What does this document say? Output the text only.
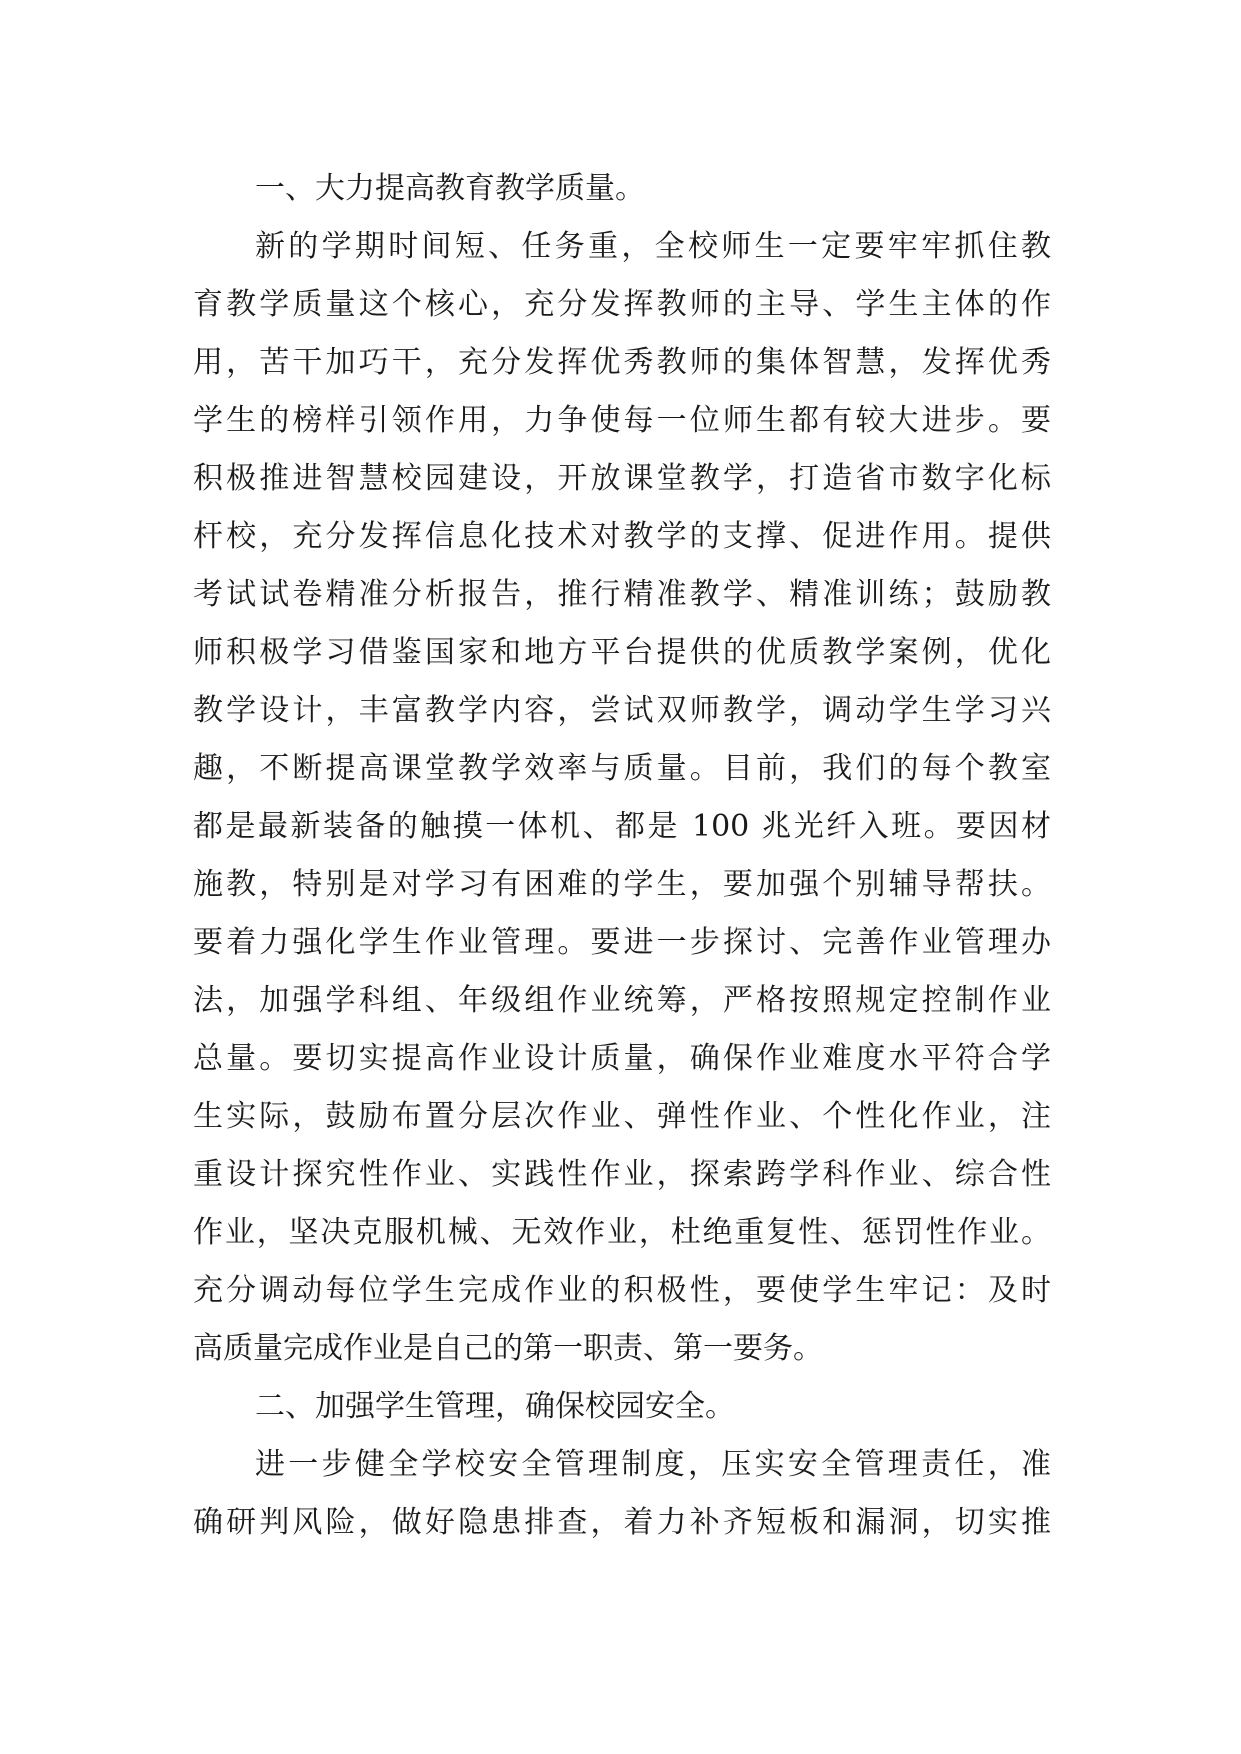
一、大力提高教育教学质量。
新的学期时间短、任务重，全校师生一定要牢牢抓住教
育教学质量这个核心，充分发挥教师的主导、学生主体的作
用，苦干加巧干，充分发挥优秀教师的集体智慧，发挥优秀
学生的榜样引领作用，力争使每一位师生都有较大进步。要
积极推进智慧校园建设，开放课堂教学，打造省市数字化标
杆校，充分发挥信息化技术对教学的支撑、促进作用。提供
考试试卷精准分析报告，推行精准教学、精准训练；鼓励教
师积极学习借鉴国家和地方平台提供的优质教学案例，优化
教学设计，丰富教学内容，尝试双师教学，调动学生学习兴
趣，不断提高课堂教学效率与质量。目前，我们的每个教室
都是最新装备的触摸一体机、都是 100 兆光纤入班。要因材
施教，特别是对学习有困难的学生，要加强个别辅导帮扶。
要着力强化学生作业管理。要进一步探讨、完善作业管理办
法，加强学科组、年级组作业统筹，严格按照规定控制作业
总量。要切实提高作业设计质量，确保作业难度水平符合学
生实际，鼓励布置分层次作业、弹性作业、个性化作业，注
重设计探究性作业、实践性作业，探索跨学科作业、综合性
作业，坚决克服机械、无效作业，杜绝重复性、惩罚性作业。
充分调动每位学生完成作业的积极性，要使学生牢记：及时
高质量完成作业是自己的第一职责、第一要务。
二、加强学生管理，确保校园安全。
进一步健全学校安全管理制度，压实安全管理责任，准
确研判风险，做好隐患排查，着力补齐短板和漏洞，切实推
